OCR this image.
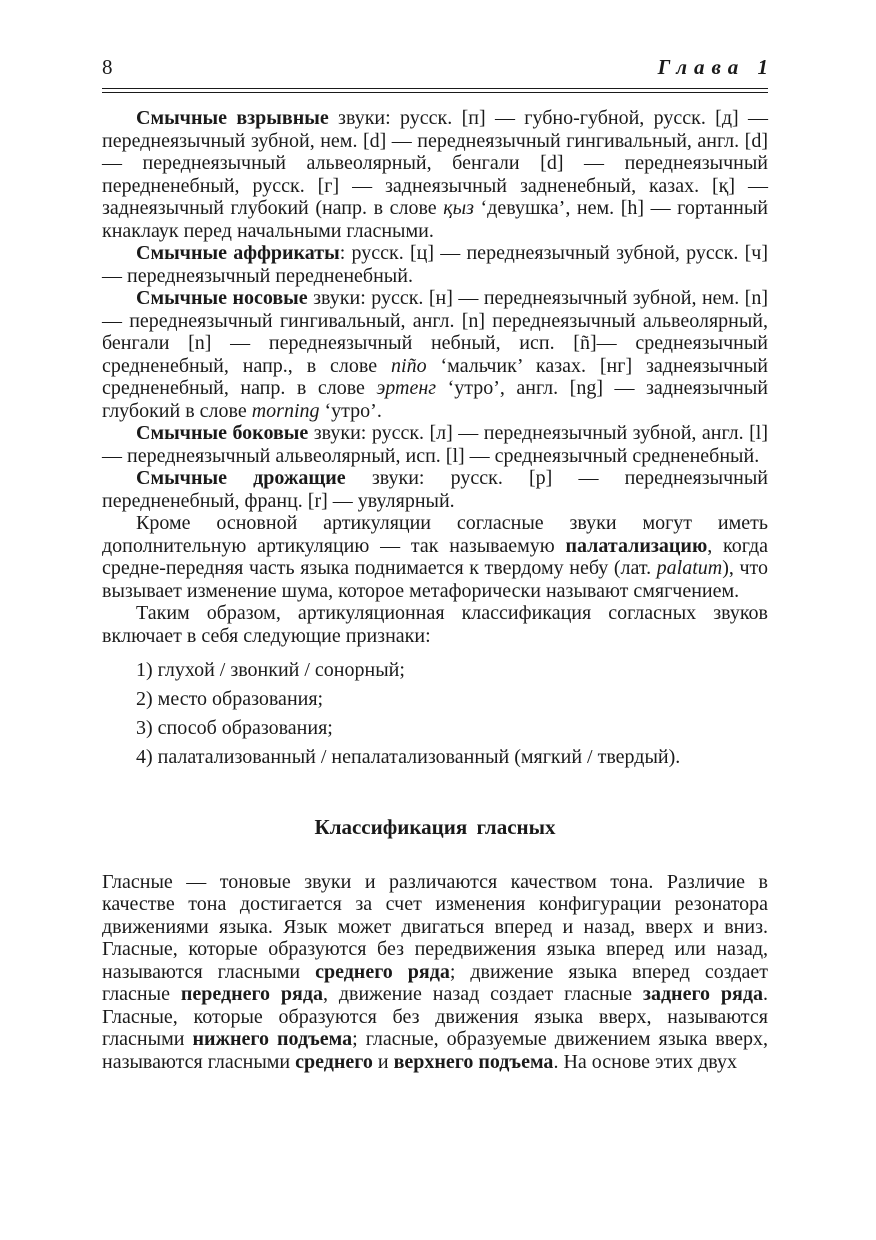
8	Глава 1

Смычные взрывные звуки: русск. [п] — губно-губной, русск. [д] — переднеязычный зубной, нем. [d] — переднеязычный гингивальный, англ. [d] — переднеязычный альвеолярный, бенгали [d] — переднеязычный передненебный, русск. [г] — заднеязычный задненебный, казах. [қ] — заднеязычный глубокий (напр. в слове қыз ‘девушка’, нем. [h] — гортанный кнаклаук перед начальными гласными.

Смычные аффрикаты: русск. [ц] — переднеязычный зубной, русск. [ч] — переднеязычный передненебный.

Смычные носовые звуки: русск. [н] — переднеязычный зубной, нем. [n] — переднеязычный гингивальный, англ. [n] переднеязычный альвеолярный, бенгали [n] — переднеязычный небный, исп. [ñ]— среднеязычный средненебный, напр., в слове niño ‘мальчик’ казах. [нг] заднеязычный средненебный, напр. в слове эртенг ‘утро’, англ. [ng] — заднеязычный глубокий в слове morning ‘утро’.

Смычные боковые звуки: русск. [л] — переднеязычный зубной, англ. [l] — переднеязычный альвеолярный, исп. [l] — среднеязычный средненебный.

Смычные дрожащие звуки: русск. [р] — переднеязычный передненебный, франц. [r] — увулярный.

Кроме основной артикуляции согласные звуки могут иметь дополнительную артикуляцию — так называемую палатализацию, когда средне-передняя часть языка поднимается к твердому небу (лат. palatum), что вызывает изменение шума, которое метафорически называют смягчением.

Таким образом, артикуляционная классификация согласных звуков включает в себя следующие признаки:

1) глухой / звонкий / сонорный;
2) место образования;
3) способ образования;
4) палатализованный / непалатализованный (мягкий / твердый).
Классификация гласных

Гласные — тоновые звуки и различаются качеством тона. Различие в качестве тона достигается за счет изменения конфигурации резонатора движениями языка. Язык может двигаться вперед и назад, вверх и вниз. Гласные, которые образуются без передвижения языка вперед или назад, называются гласными среднего ряда; движение языка вперед создает гласные переднего ряда, движение назад создает гласные заднего ряда. Гласные, которые образуются без движения языка вверх, называются гласными нижнего подъема; гласные, образуемые движением языка вверх, называются гласными среднего и верхнего подъема. На основе этих двух
